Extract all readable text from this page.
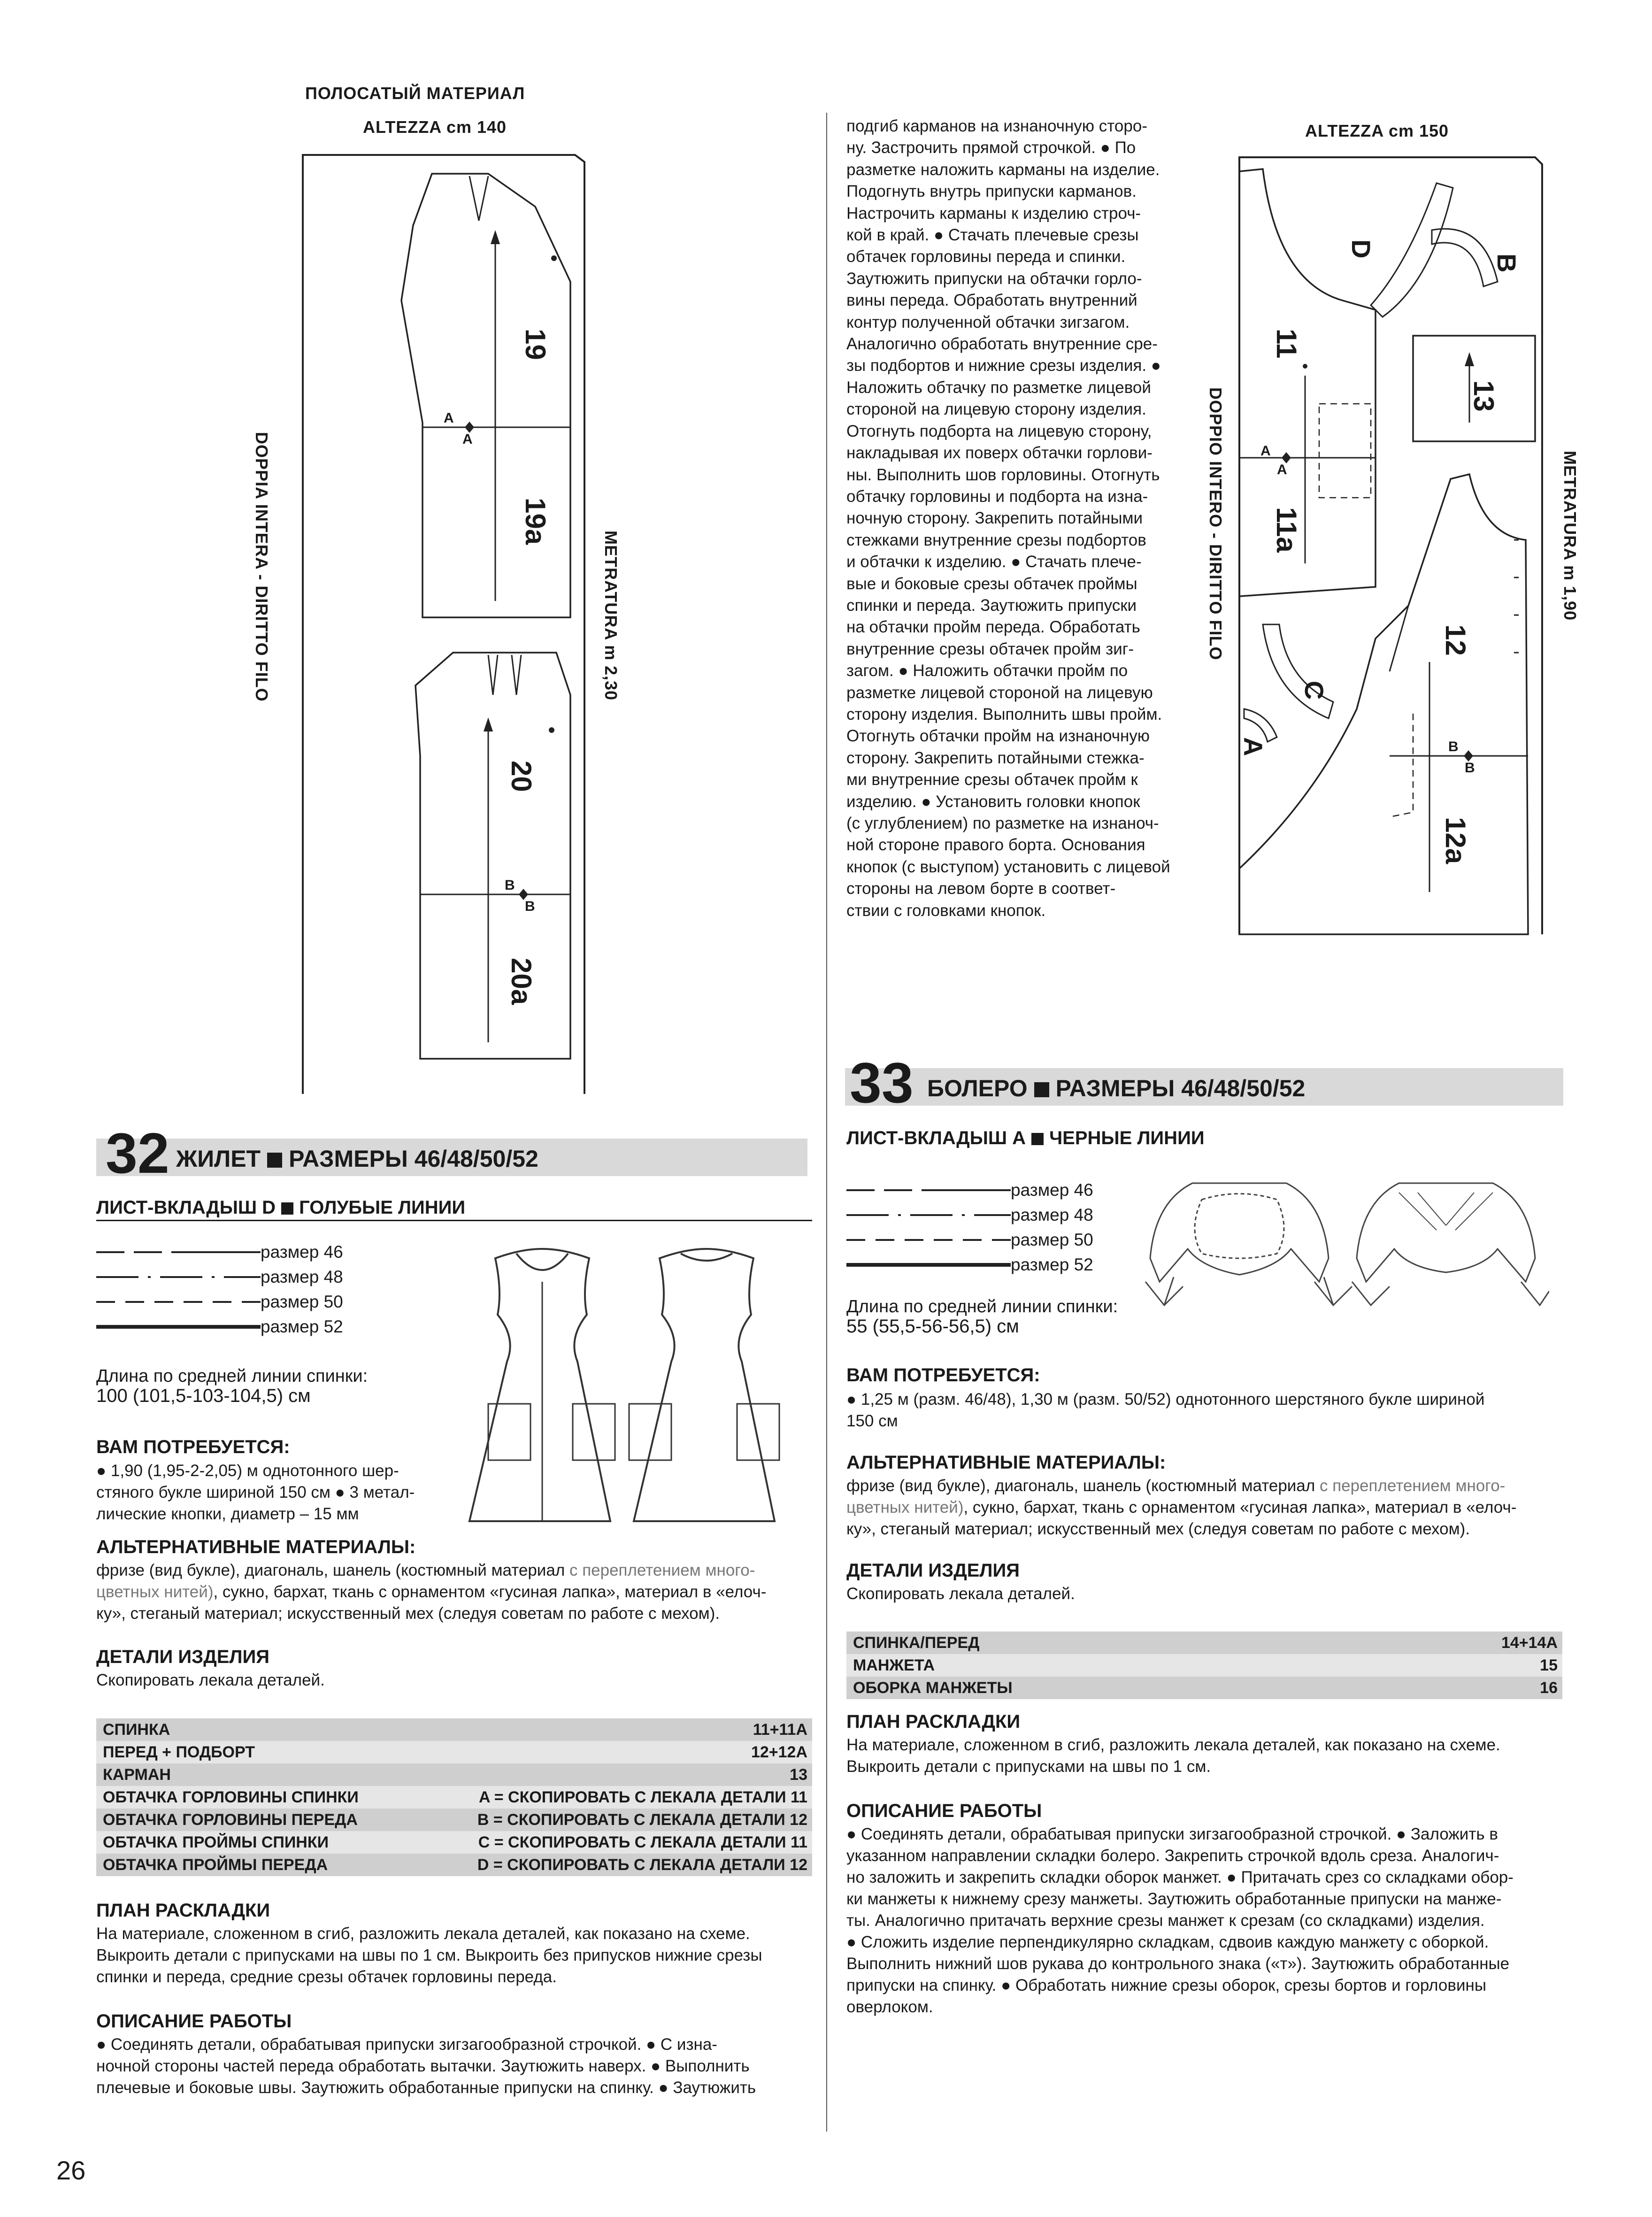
ПОЛОСАТЫЙ МАТЕРИАЛ
ALTEZZA cm 140
DOPPIA INTERA - DIRITTO FILO	METRATURA m 2,30
19
19a
20
20a
A
A
B
B
подгиб карманов на изнаночную сторо-
ну. Застрочить прямой строчкой. ● По
разметке наложить карманы на изделие.
Подогнуть внутрь припуски карманов.
Настрочить карманы к изделию строч-
кой в край. ● Стачать плечевые срезы
обтачек горловины переда и спинки.
Заутюжить припуски на обтачки горло-
вины переда. Обработать внутренний
контур полученной обтачки зигзагом.
Аналогично обработать внутренние сре-
зы подбортов и нижние срезы изделия. ●
Наложить обтачку по разметке лицевой
стороной на лицевую сторону изделия.
Отогнуть подборта на лицевую сторону,
накладывая их поверх обтачки горлови-
ны. Выполнить шов горловины. Отогнуть
обтачку горловины и подборта на изна-
ночную сторону. Закрепить потайными
стежками внутренние срезы подбортов
и обтачки к изделию. ● Стачать плече-
вые и боковые срезы обтачек проймы
спинки и переда. Заутюжить припуски
на обтачки пройм переда. Обработать
внутренние срезы обтачек пройм зиг-
загом. ● Наложить обтачки пройм по
разметке лицевой стороной на лицевую
сторону изделия. Выполнить швы пройм.
Отогнуть обтачки пройм на изнаночную
сторону. Закрепить потайными стежка-
ми внутренние срезы обтачек пройм к
изделию. ● Установить головки кнопок
(с углублением) по разметке на изнаноч-
ной стороне правого борта. Основания
кнопок (с выступом) установить с лицевой
стороны на левом борте в соответ-
ствии с головками кнопок.
ALTEZZA cm 150
DOPPIO INTERO - DIRITTO FILO	METRATURA m 1,90
11
11a
12
12a
13
D
B
C
A
A
A
B
B
32 ЖИЛЕТ РАЗМЕРЫ 46/48/50/52
ЛИСТ-ВКЛАДЫШ D ГОЛУБЫЕ ЛИНИИ
размер 46
размер 48
размер 50
размер 52
Длина по средней линии спинки:
100 (101,5-103-104,5) см
ВАМ ПОТРЕБУЕТСЯ:
● 1,90 (1,95-2-2,05) м однотонного шер-
стяного букле шириной 150 см ● 3 метал-
лические кнопки, диаметр – 15 мм
АЛЬТЕРНАТИВНЫЕ МАТЕРИАЛЫ:
фризе (вид букле), диагональ, шанель (костюмный материал с переплетением много-
цветных нитей), сукно, бархат, ткань с орнаментом «гусиная лапка», материал в «елоч-
ку», стеганый материал; искусственный мех (следуя советам по работе с мехом).
ДЕТАЛИ ИЗДЕЛИЯ
Скопировать лекала деталей.
СПИНКА	11+11А
ПЕРЕД + ПОДБОРТ	12+12А
КАРМАН	13
ОБТАЧКА ГОРЛОВИНЫ СПИНКИ	A = СКОПИРОВАТЬ С ЛЕКАЛА ДЕТАЛИ 11
ОБТАЧКА ГОРЛОВИНЫ ПЕРЕДА	B = СКОПИРОВАТЬ С ЛЕКАЛА ДЕТАЛИ 12
ОБТАЧКА ПРОЙМЫ СПИНКИ	C = СКОПИРОВАТЬ С ЛЕКАЛА ДЕТАЛИ 11
ОБТАЧКА ПРОЙМЫ ПЕРЕДА	D = СКОПИРОВАТЬ С ЛЕКАЛА ДЕТАЛИ 12
ПЛАН РАСКЛАДКИ
На материале, сложенном в сгиб, разложить лекала деталей, как показано на схеме.
Выкроить детали с припусками на швы по 1 см. Выкроить без припусков нижние срезы
спинки и переда, средние срезы обтачек горловины переда.
ОПИСАНИЕ РАБОТЫ
● Соединять детали, обрабатывая припуски зигзагообразной строчкой. ● С изна-
ночной стороны частей переда обработать вытачки. Заутюжить наверх. ● Выполнить
плечевые и боковые швы. Заутюжить обработанные припуски на спинку. ● Заутюжить
33 БОЛЕРО РАЗМЕРЫ 46/48/50/52
ЛИСТ-ВКЛАДЫШ А ЧЕРНЫЕ ЛИНИИ
размер 46
размер 48
размер 50
размер 52
Длина по средней линии спинки:
55 (55,5-56-56,5) см
ВАМ ПОТРЕБУЕТСЯ:
● 1,25 м (разм. 46/48), 1,30 м (разм. 50/52) однотонного шерстяного букле шириной
150 см
АЛЬТЕРНАТИВНЫЕ МАТЕРИАЛЫ:
фризе (вид букле), диагональ, шанель (костюмный материал с переплетением много-
цветных нитей), сукно, бархат, ткань с орнаментом «гусиная лапка», материал в «елоч-
ку», стеганый материал; искусственный мех (следуя советам по работе с мехом).
ДЕТАЛИ ИЗДЕЛИЯ
Скопировать лекала деталей.
СПИНКА/ПЕРЕД	14+14А
МАНЖЕТА	15
ОБОРКА МАНЖЕТЫ	16
ПЛАН РАСКЛАДКИ
На материале, сложенном в сгиб, разложить лекала деталей, как показано на схеме.
Выкроить детали с припусками на швы по 1 см.
ОПИСАНИЕ РАБОТЫ
● Соединять детали, обрабатывая припуски зигзагообразной строчкой. ● Заложить в
указанном направлении складки болеро. Закрепить строчкой вдоль среза. Аналогич-
но заложить и закрепить складки оборок манжет. ● Притачать срез со складками обор-
ки манжеты к нижнему срезу манжеты. Заутюжить обработанные припуски на манже-
ты. Аналогично притачать верхние срезы манжет к срезам (со складками) изделия.
● Сложить изделие перпендикулярно складкам, сдвоив каждую манжету с оборкой.
Выполнить нижний шов рукава до контрольного знака («т»). Заутюжить обработанные
припуски на спинку. ● Обработать нижние срезы оборок, срезы бортов и горловины
оверлоком.
26
